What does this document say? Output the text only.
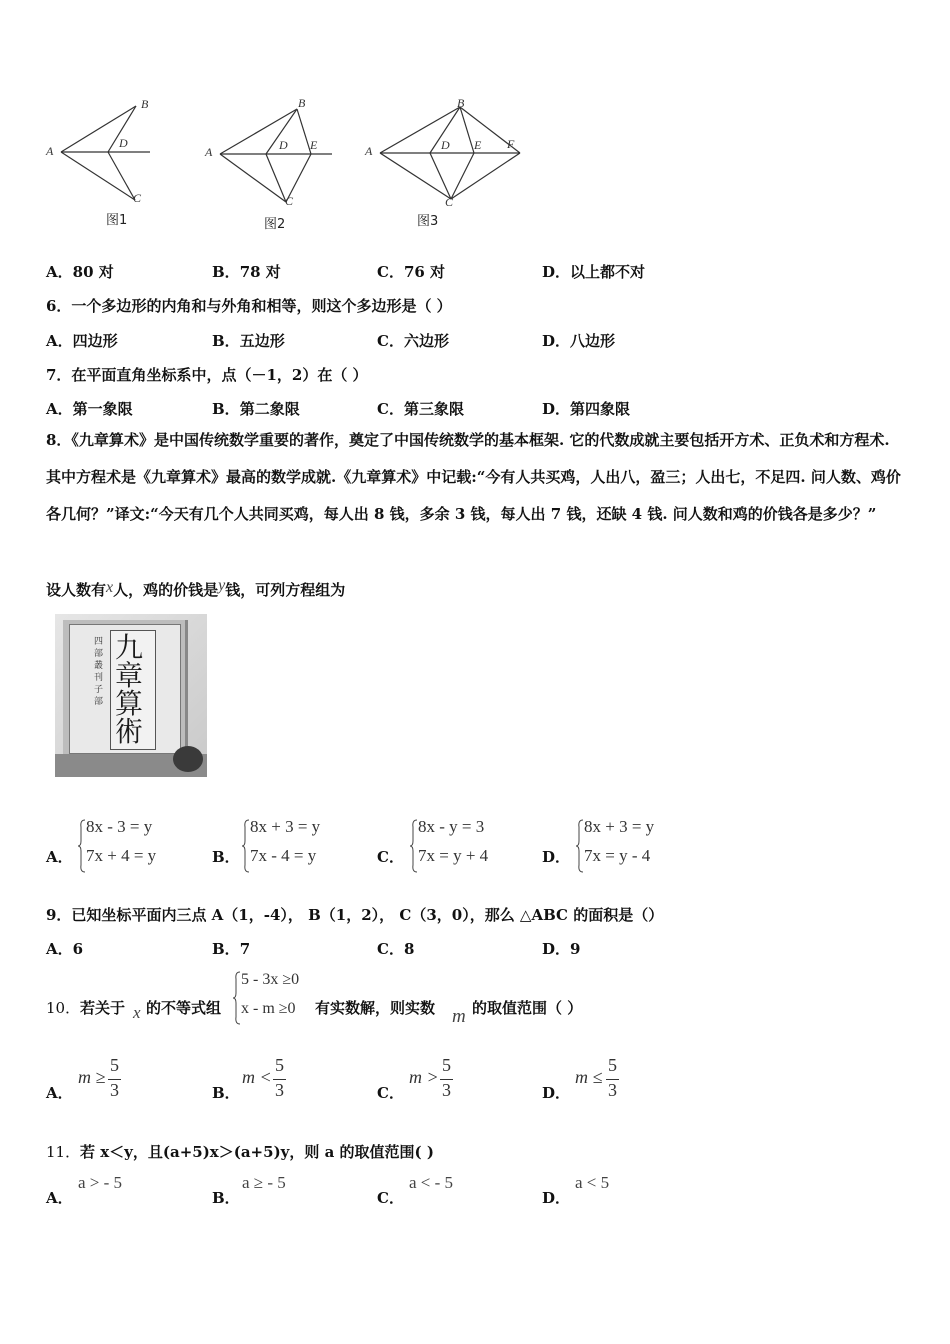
A
B
D
C
A
B
D E
C
A
B
D E F
C
图1	图2	图3
A．80 对	B．78 对	C．76 对	D．以上都不对
6．一个多边形的内角和与外角和相等，则这个多边形是（ ）
A．四边形	B．五边形	C．六边形	D．八边形
7．在平面直角坐标系中，点（－1，2）在（ ）
A．第一象限	B．第二象限	C．第三象限	D．第四象限
8．《九章算术》是中国传统数学重要的著作，奠定了中国传统数学的基本框架. 它的代数成就主要包括开方术、正负术和方程术. 其中方程术是《九章算术》最高的数学成就.《九章算术》中记载:“今有人共买鸡，人出八，盈三；人出七，不足四. 问人数、鸡价各几何？”译文:“今天有几个人共同买鸡，每人出 8 钱，多余 3 钱，每人出 7 钱，还缺 4 钱. 问人数和鸡的价钱各是多少？”
设人数有x人，鸡的价钱是y钱，可列方程组为
九章算術
四部叢刊子部
A．
8x - 3 = y
7x + 4 = y	B．
8x + 3 = y
7x - 4 = y	C．
8x - y = 3
7x = y + 4	D．
8x + 3 = y
7x = y - 4
9．已知坐标平面内三点 A（1，-4）， B（1，2）， C（3，0），那么 △ABC 的面积是（）
A．6	B．7	C．8	D．9
10． 若关于 x 的不等式组
5 - 3x ≥0
x - m ≥0 有实数解，则实数 m 的取值范围（ ）
A．
m ≥
5
3	B．
m <
5
3	C．
m >
5
3	D．
m ≤
5
3
11． 若 x＜y，且(a+5)x＞(a+5)y，则 a 的取值范围( )
A．
a > - 5
B．
a ≥ - 5
C．
a < - 5
D．
a < 5
